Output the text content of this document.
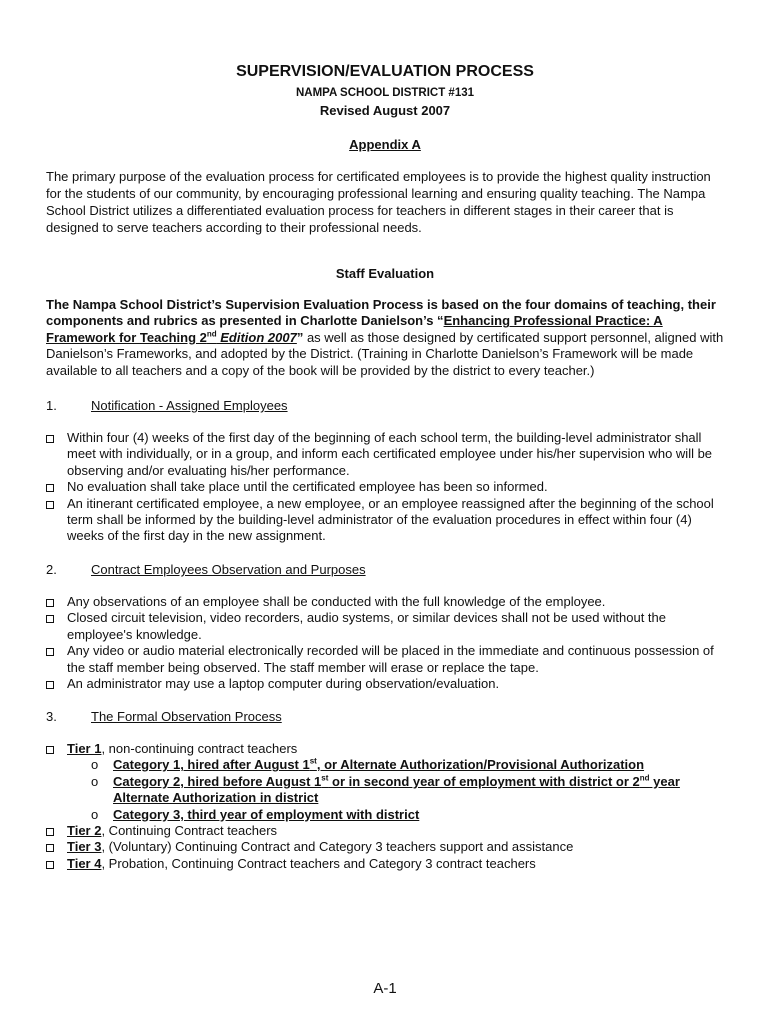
SUPERVISION/EVALUATION PROCESS
NAMPA SCHOOL DISTRICT #131
Revised August 2007
Appendix A

The primary purpose of the evaluation process for certificated employees is to provide the highest quality instruction for the students of our community, by encouraging professional learning and ensuring quality teaching. The Nampa School District utilizes a differentiated evaluation process for teachers in different stages in their career that is designed to serve teachers according to their professional needs.

Staff Evaluation

The Nampa School District’s Supervision Evaluation Process is based on the four domains of teaching, their components and rubrics as presented in Charlotte Danielson’s “Enhancing Professional Practice: A Framework for Teaching 2nd Edition 2007” as well as those designed by certificated support personnel, aligned with Danielson’s Frameworks, and adopted by the District. (Training in Charlotte Danielson’s Framework will be made available to all teachers and a copy of the book will be provided by the district to every teacher.)

1.	Notification - Assigned Employees
Within four (4) weeks of the first day of the beginning of each school term, the building-level administrator shall meet with individually, or in a group, and inform each certificated employee under his/her supervision who will be observing and/or evaluating his/her performance.
No evaluation shall take place until the certificated employee has been so informed.
An itinerant certificated employee, a new employee, or an employee reassigned after the beginning of the school term shall be informed by the building-level administrator of the evaluation procedures in effect within four (4) weeks of the first day in the new assignment.
2.	Contract Employees Observation and Purposes
Any observations of an employee shall be conducted with the full knowledge of the employee.
Closed circuit television, video recorders, audio systems, or similar devices shall not be used without the employee's knowledge.
Any video or audio material electronically recorded will be placed in the immediate and continuous possession of the staff member being observed. The staff member will erase or replace the tape.
An administrator may use a laptop computer during observation/evaluation.
3.	The Formal Observation Process
Tier 1, non-continuing contract teachers
o Category 1, hired after August 1st, or Alternate Authorization/Provisional Authorization
o Category 2, hired before August 1st or in second year of employment with district or 2nd year Alternate Authorization in district
o Category 3, third year of employment with district
Tier 2, Continuing Contract teachers
Tier 3, (Voluntary) Continuing Contract and Category 3 teachers support and assistance
Tier 4, Probation, Continuing Contract teachers and Category 3 contract teachers
A-1
